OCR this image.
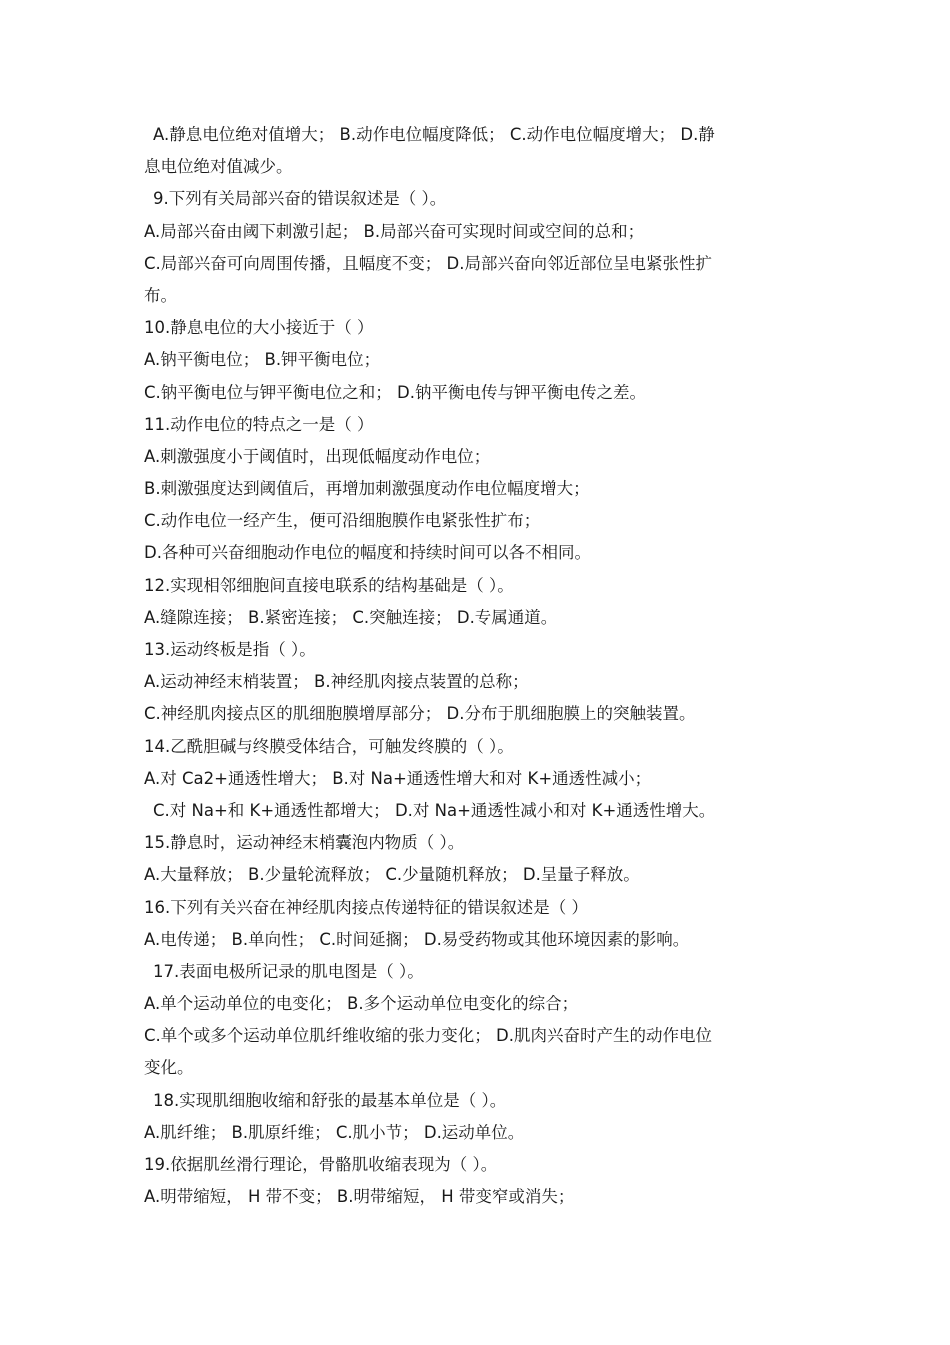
A.静息电位绝对值增大； B.动作电位幅度降低； C.动作电位幅度增大； D.静
息电位绝对值减少。
9.下列有关局部兴奋的错误叙述是（ ）。
A.局部兴奋由阈下刺激引起； B.局部兴奋可实现时间或空间的总和；
C.局部兴奋可向周围传播，且幅度不变； D.局部兴奋向邻近部位呈电紧张性扩
布。
10.静息电位的大小接近于（ ）
A.钠平衡电位； B.钾平衡电位；
C.钠平衡电位与钾平衡电位之和； D.钠平衡电传与钾平衡电传之差。
11.动作电位的特点之一是（ ）
A.刺激强度小于阈值时，出现低幅度动作电位；
B.刺激强度达到阈值后，再增加刺激强度动作电位幅度增大；
C.动作电位一经产生，便可沿细胞膜作电紧张性扩布；
D.各种可兴奋细胞动作电位的幅度和持续时间可以各不相同。
12.实现相邻细胞间直接电联系的结构基础是（ ）。
A.缝隙连接； B.紧密连接； C.突触连接； D.专属通道。
13.运动终板是指（ ）。
A.运动神经末梢装置； B.神经肌肉接点装置的总称；
C.神经肌肉接点区的肌细胞膜增厚部分； D.分布于肌细胞膜上的突触装置。
14.乙酰胆碱与终膜受体结合，可触发终膜的（ ）。
A.对 Ca2+通透性增大； B.对 Na+通透性增大和对 K+通透性减小；
C.对 Na+和 K+通透性都增大； D.对 Na+通透性减小和对 K+通透性增大。
15.静息时，运动神经末梢囊泡内物质（ ）。
A.大量释放； B.少量轮流释放； C.少量随机释放； D.呈量子释放。
16.下列有关兴奋在神经肌肉接点传递特征的错误叙述是（ ）
A.电传递； B.单向性； C.时间延搁； D.易受药物或其他环境因素的影响。
17.表面电极所记录的肌电图是（ ）。
A.单个运动单位的电变化； B.多个运动单位电变化的综合；
C.单个或多个运动单位肌纤维收缩的张力变化； D.肌肉兴奋时产生的动作电位
变化。
18.实现肌细胞收缩和舒张的最基本单位是（ ）。
A.肌纤维； B.肌原纤维； C.肌小节； D.运动单位。
19.依据肌丝滑行理论，骨骼肌收缩表现为（ ）。
A.明带缩短， H 带不变； B.明带缩短， H 带变窄或消失；
